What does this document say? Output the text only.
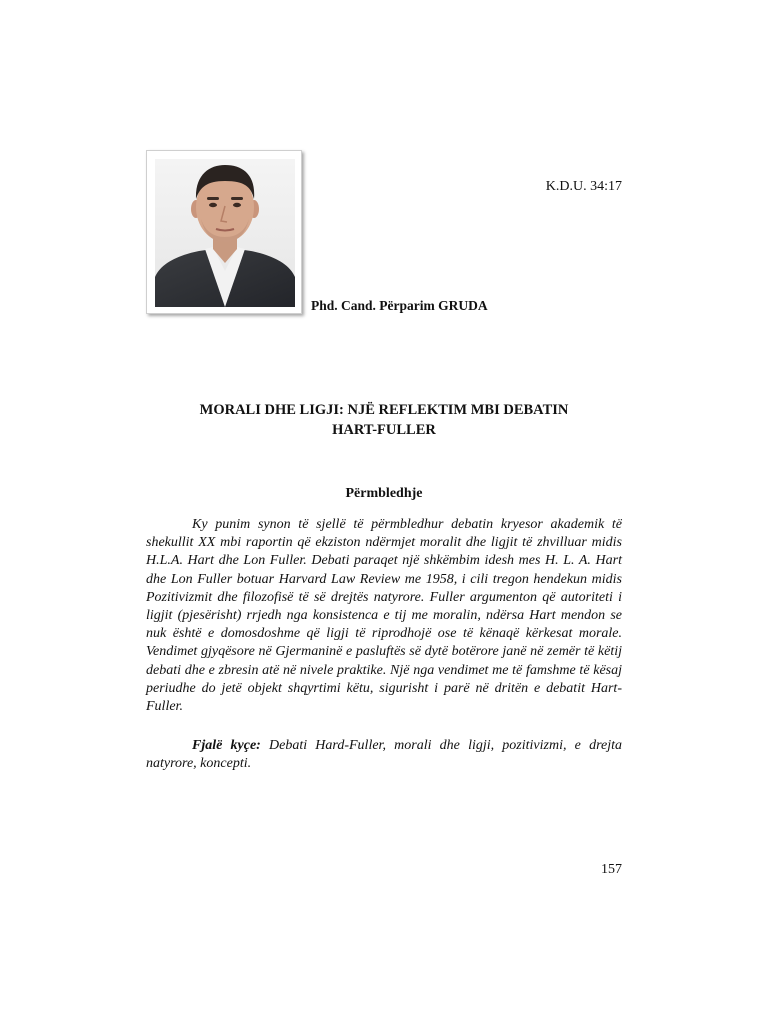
K.D.U. 34:17
Phd. Cand. Përparim GRUDA
MORALI DHE LIGJI: NJË REFLEKTIM MBI DEBATIN
HART-FULLER
Përmbledhje

Ky punim synon të sjellë të përmbledhur debatin kryesor akademik të shekullit XX mbi raportin që ekziston ndërmjet moralit dhe ligjit të zhvilluar midis H.L.A. Hart dhe Lon Fuller. Debati paraqet një shkëmbim idesh mes H. L. A. Hart dhe Lon Fuller botuar Harvard Law Review me 1958, i cili tregon hendekun midis Pozitivizmit dhe filozofisë të së drejtës natyrore. Fuller argumenton që autoriteti i ligjit (pjesërisht) rrjedh nga konsistenca e tij me moralin, ndërsa Hart mendon se nuk është e domosdoshme që ligji të riprodhojë ose të kënaqë kërkesat morale. Vendimet gjyqësore në Gjermaninë e pasluftës së dytë botërore janë në zemër të këtij debati dhe e zbresin atë në nivele praktike. Një nga vendimet me të famshme të kësaj periudhe do jetë objekt shqyrtimi këtu, sigurisht i parë në dritën e debatit Hart-Fuller.

Fjalë kyçe: Debati Hard-Fuller, morali dhe ligji, pozitivizmi, e drejta natyrore, koncepti.

157
